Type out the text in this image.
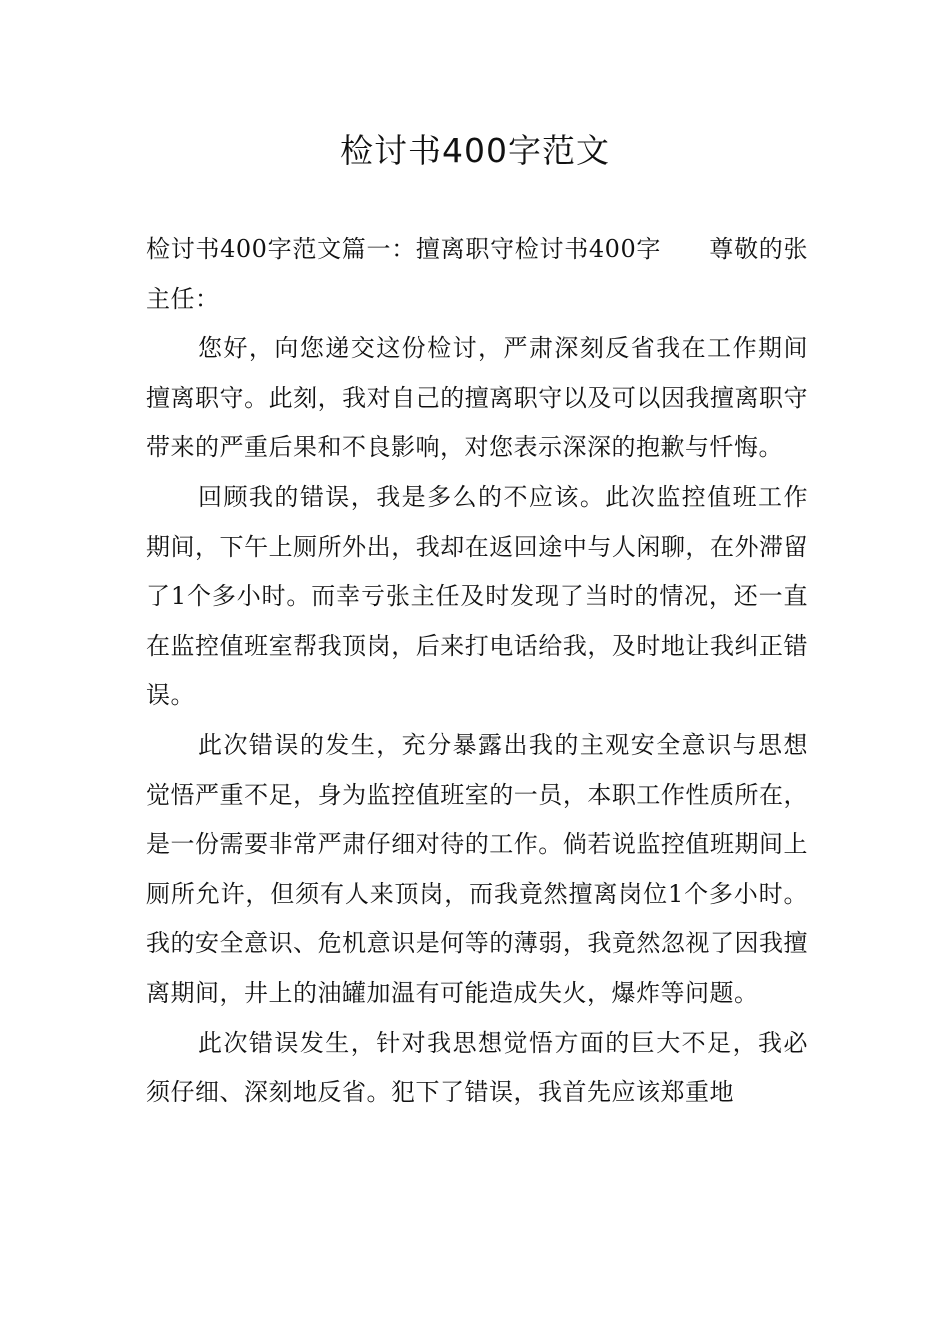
检讨书400字范文

检讨书400字范文篇一：擅离职守检讨书400字 尊敬的张主任：

您好，向您递交这份检讨，严肃深刻反省我在工作期间擅离职守。此刻，我对自己的擅离职守以及可以因我擅离职守带来的严重后果和不良影响，对您表示深深的抱歉与忏悔。

回顾我的错误，我是多么的不应该。此次监控值班工作期间，下午上厕所外出，我却在返回途中与人闲聊，在外滞留了1个多小时。而幸亏张主任及时发现了当时的情况，还一直在监控值班室帮我顶岗，后来打电话给我，及时地让我纠正错误。

此次错误的发生，充分暴露出我的主观安全意识与思想觉悟严重不足，身为监控值班室的一员，本职工作性质所在，是一份需要非常严肃仔细对待的工作。倘若说监控值班期间上厕所允许，但须有人来顶岗，而我竟然擅离岗位1个多小时。我的安全意识、危机意识是何等的薄弱，我竟然忽视了因我擅离期间，井上的油罐加温有可能造成失火，爆炸等问题。

此次错误发生，针对我思想觉悟方面的巨大不足，我必须仔细、深刻地反省。犯下了错误，我首先应该郑重地
